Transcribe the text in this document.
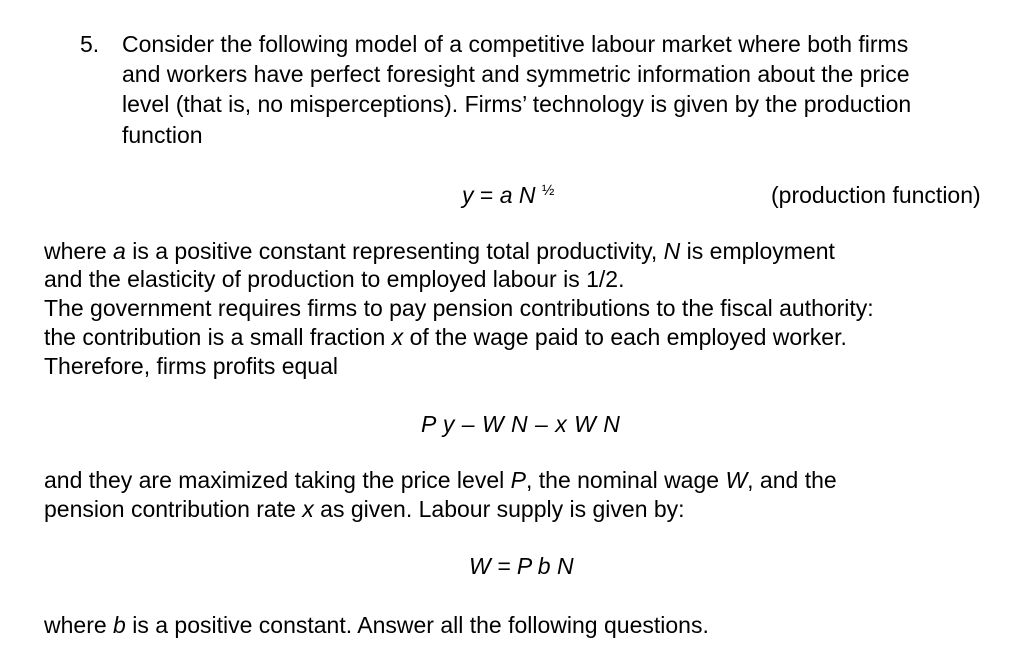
5. Consider the following model of a competitive labour market where both firms
and workers have perfect foresight and symmetric information about the price
level (that is, no misperceptions). Firms’ technology is given by the production
function
y = a N $^{\frac{1}{2}}$	(production function)
where a is a positive constant representing total productivity, N is employment
and the elasticity of production to employed labour is 1/2.
The government requires firms to pay pension contributions to the fiscal authority:
the contribution is a small fraction x of the wage paid to each employed worker.
Therefore, firms profits equal
P y – W N – x W N
and they are maximized taking the price level P, the nominal wage W, and the
pension contribution rate x as given. Labour supply is given by:
W = P b N
where b is a positive constant. Answer all the following questions.
